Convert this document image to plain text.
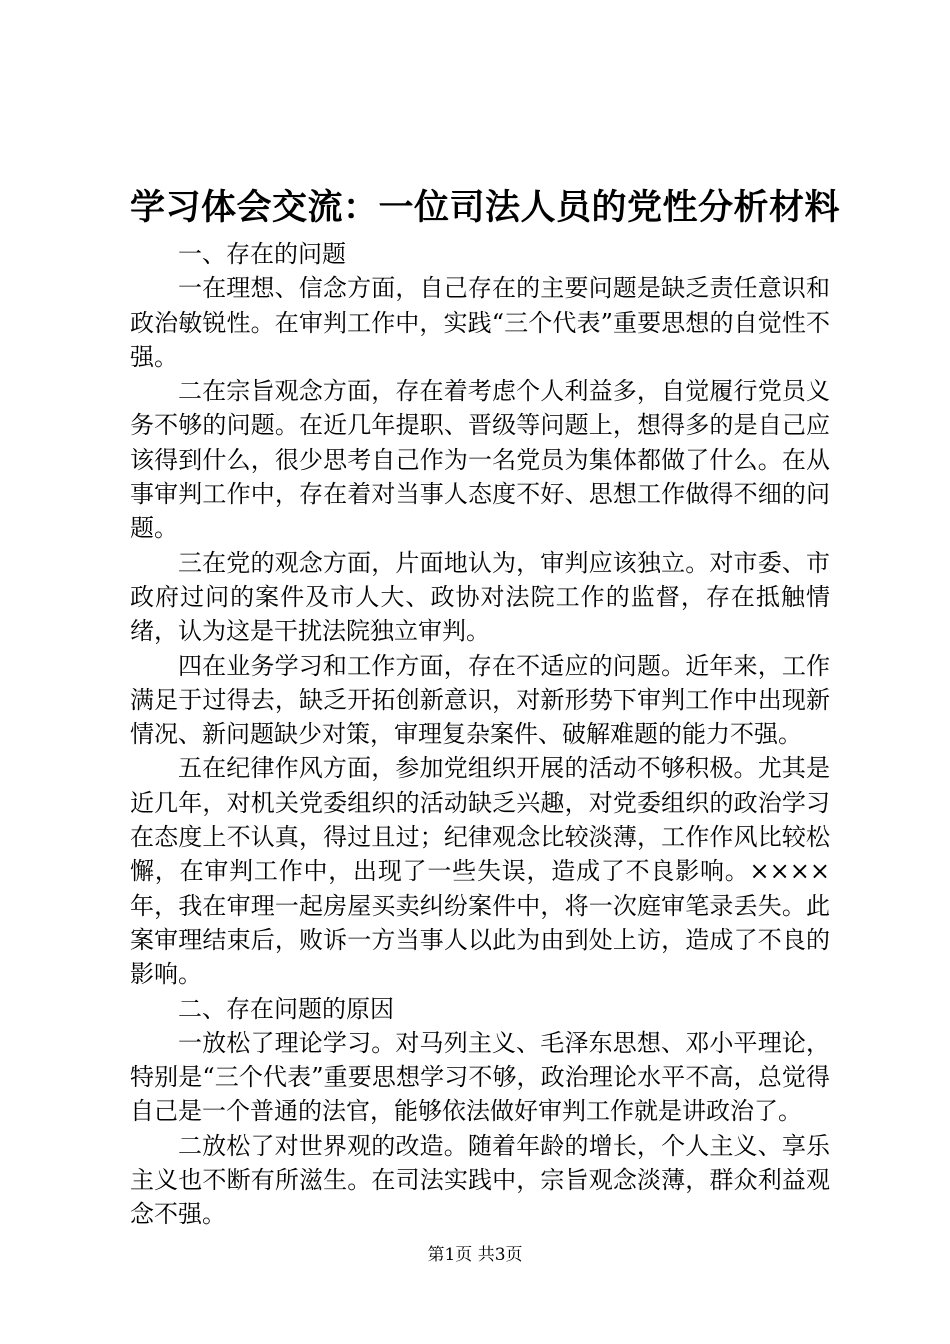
学习体会交流：一位司法人员的党性分析材料

一、存在的问题

一在理想、信念方面，自己存在的主要问题是缺乏责任意识和政治敏锐性。在审判工作中，实践“三个代表”重要思想的自觉性不强。

二在宗旨观念方面，存在着考虑个人利益多，自觉履行党员义务不够的问题。在近几年提职、晋级等问题上，想得多的是自己应该得到什么，很少思考自己作为一名党员为集体都做了什么。在从事审判工作中，存在着对当事人态度不好、思想工作做得不细的问题。

三在党的观念方面，片面地认为，审判应该独立。对市委、市政府过问的案件及市人大、政协对法院工作的监督，存在抵触情绪，认为这是干扰法院独立审判。

四在业务学习和工作方面，存在不适应的问题。近年来，工作满足于过得去，缺乏开拓创新意识，对新形势下审判工作中出现新情况、新问题缺少对策，审理复杂案件、破解难题的能力不强。

五在纪律作风方面，参加党组织开展的活动不够积极。尤其是近几年，对机关党委组织的活动缺乏兴趣，对党委组织的政治学习在态度上不认真，得过且过；纪律观念比较淡薄，工作作风比较松懈，在审判工作中，出现了一些失误，造成了不良影响。××××年，我在审理一起房屋买卖纠纷案件中，将一次庭审笔录丢失。此案审理结束后，败诉一方当事人以此为由到处上访，造成了不良的影响。

二、存在问题的原因

一放松了理论学习。对马列主义、毛泽东思想、邓小平理论，特别是“三个代表”重要思想学习不够，政治理论水平不高，总觉得自己是一个普通的法官，能够依法做好审判工作就是讲政治了。

二放松了对世界观的改造。随着年龄的增长，个人主义、享乐主义也不断有所滋生。在司法实践中，宗旨观念淡薄，群众利益观念不强。

第1页 共3页
